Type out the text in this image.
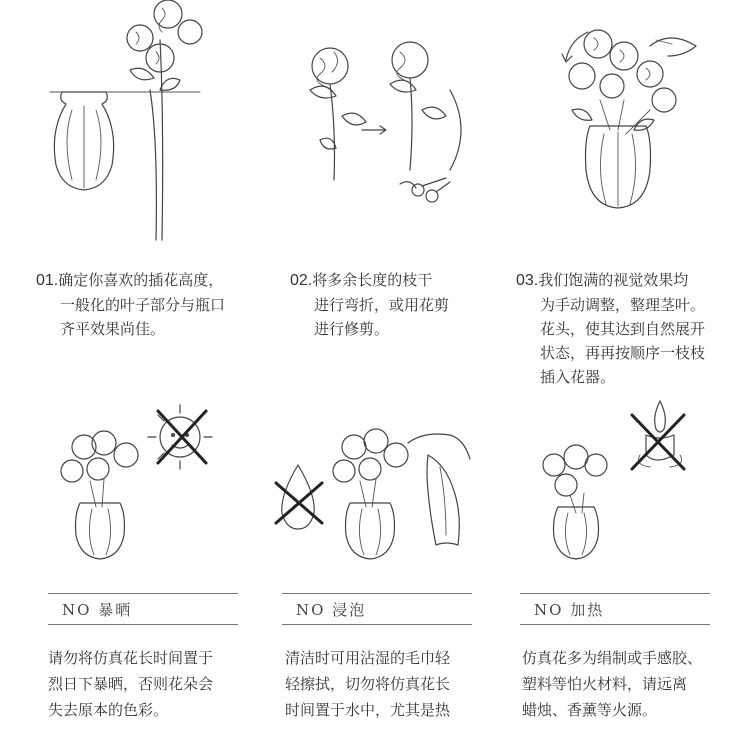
01.确定你喜欢的插花高度，
一般化的叶子部分与瓶口
齐平效果尚佳。
02.将多余长度的枝干
进行弯折，或用花剪
进行修剪。
03.我们饱满的视觉效果均
为手动调整，整理茎叶。
花头，使其达到自然展开
状态，再再按顺序一枝枝
插入花器。
NO 暴晒	NO 浸泡	NO 加热
请勿将仿真花长时间置于
烈日下暴晒，否则花朵会
失去原本的色彩。
清洁时可用沾湿的毛巾轻
轻擦拭，切勿将仿真花长
时间置于水中，尤其是热
仿真花多为绢制或手感胶、
塑料等怕火材料，请远离
蜡烛、香薰等火源。
